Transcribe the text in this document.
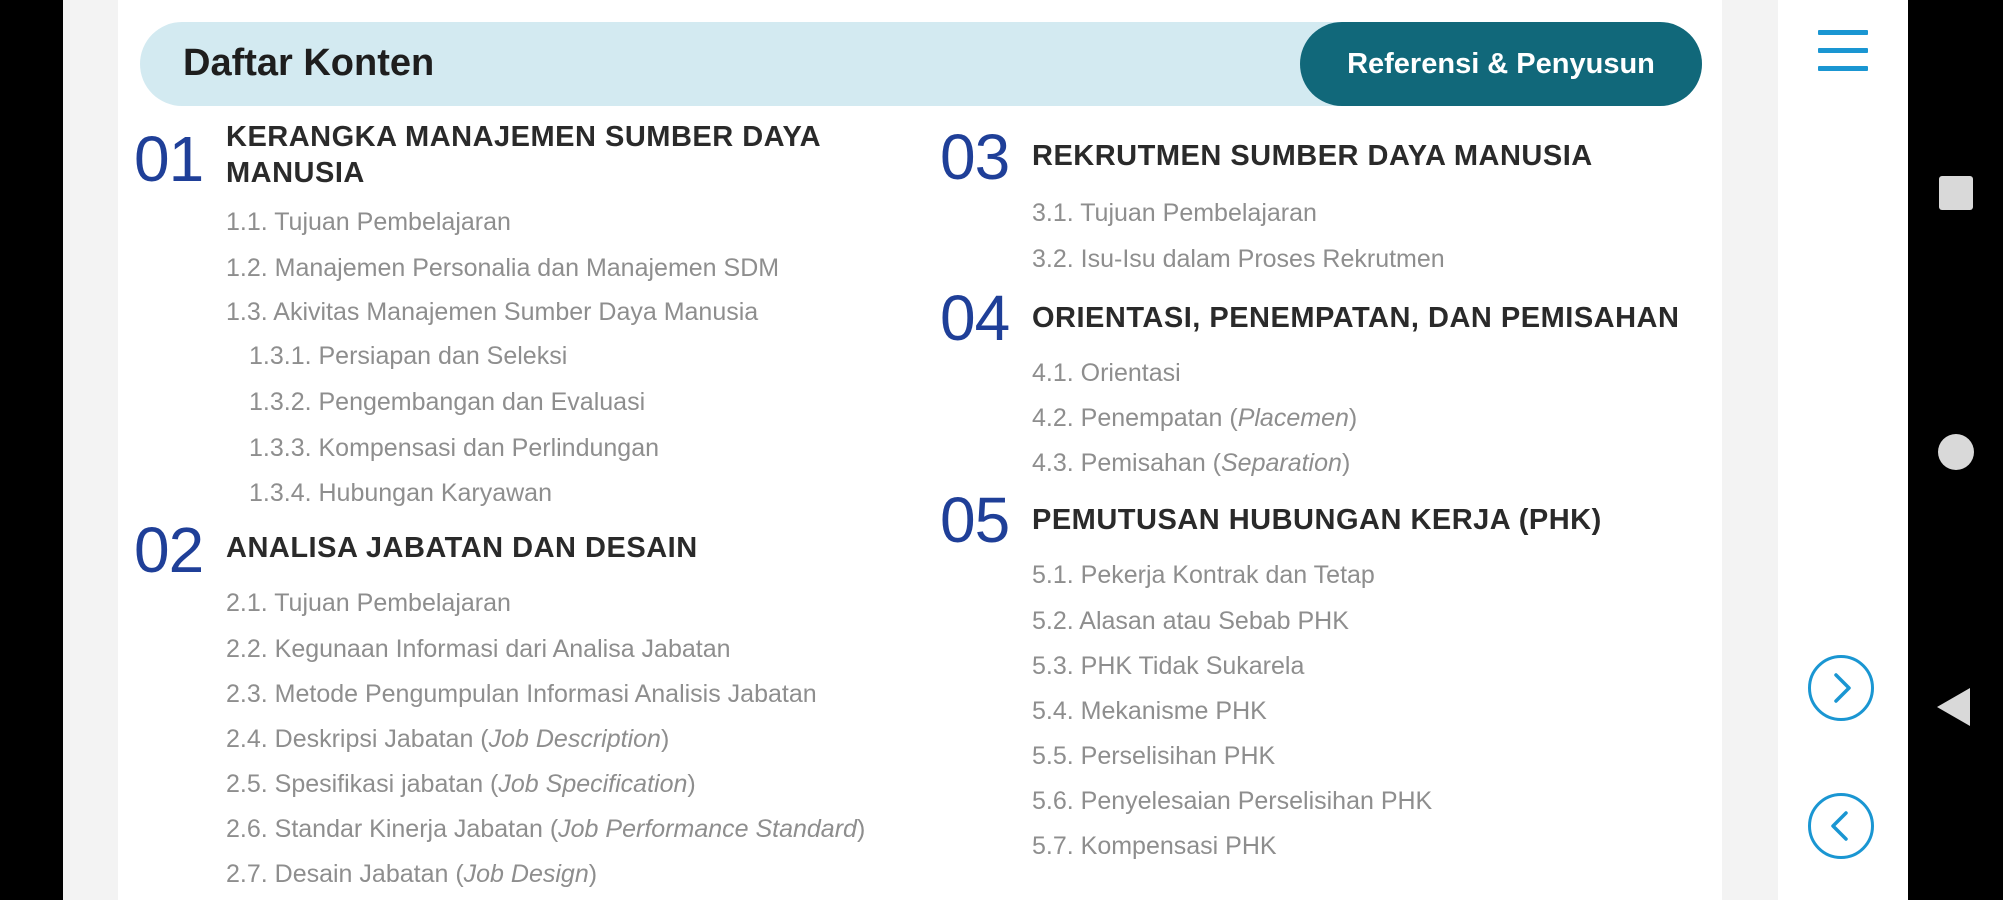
Daftar Konten	Referensi & Penyusun
01 KERANGKA MANAJEMEN SUMBER DAYA MANUSIA
1.1. Tujuan Pembelajaran
1.2. Manajemen Personalia dan Manajemen SDM
1.3. Akivitas Manajemen Sumber Daya Manusia
1.3.1. Persiapan dan Seleksi
1.3.2. Pengembangan dan Evaluasi
1.3.3. Kompensasi dan Perlindungan
1.3.4. Hubungan Karyawan
02 ANALISA JABATAN DAN DESAIN
2.1. Tujuan Pembelajaran
2.2. Kegunaan Informasi dari Analisa Jabatan
2.3. Metode Pengumpulan Informasi Analisis Jabatan
2.4. Deskripsi Jabatan (Job Description)
2.5. Spesifikasi jabatan (Job Specification)
2.6. Standar Kinerja Jabatan (Job Performance Standard)
2.7. Desain Jabatan (Job Design)
03 REKRUTMEN SUMBER DAYA MANUSIA
3.1. Tujuan Pembelajaran
3.2. Isu-Isu dalam Proses Rekrutmen
04 ORIENTASI, PENEMPATAN, DAN PEMISAHAN
4.1. Orientasi
4.2. Penempatan (Placemen)
4.3. Pemisahan (Separation)
05 PEMUTUSAN HUBUNGAN KERJA (PHK)
5.1. Pekerja Kontrak dan Tetap
5.2. Alasan atau Sebab PHK
5.3. PHK Tidak Sukarela
5.4. Mekanisme PHK
5.5. Perselisihan PHK
5.6. Penyelesaian Perselisihan PHK
5.7. Kompensasi PHK
